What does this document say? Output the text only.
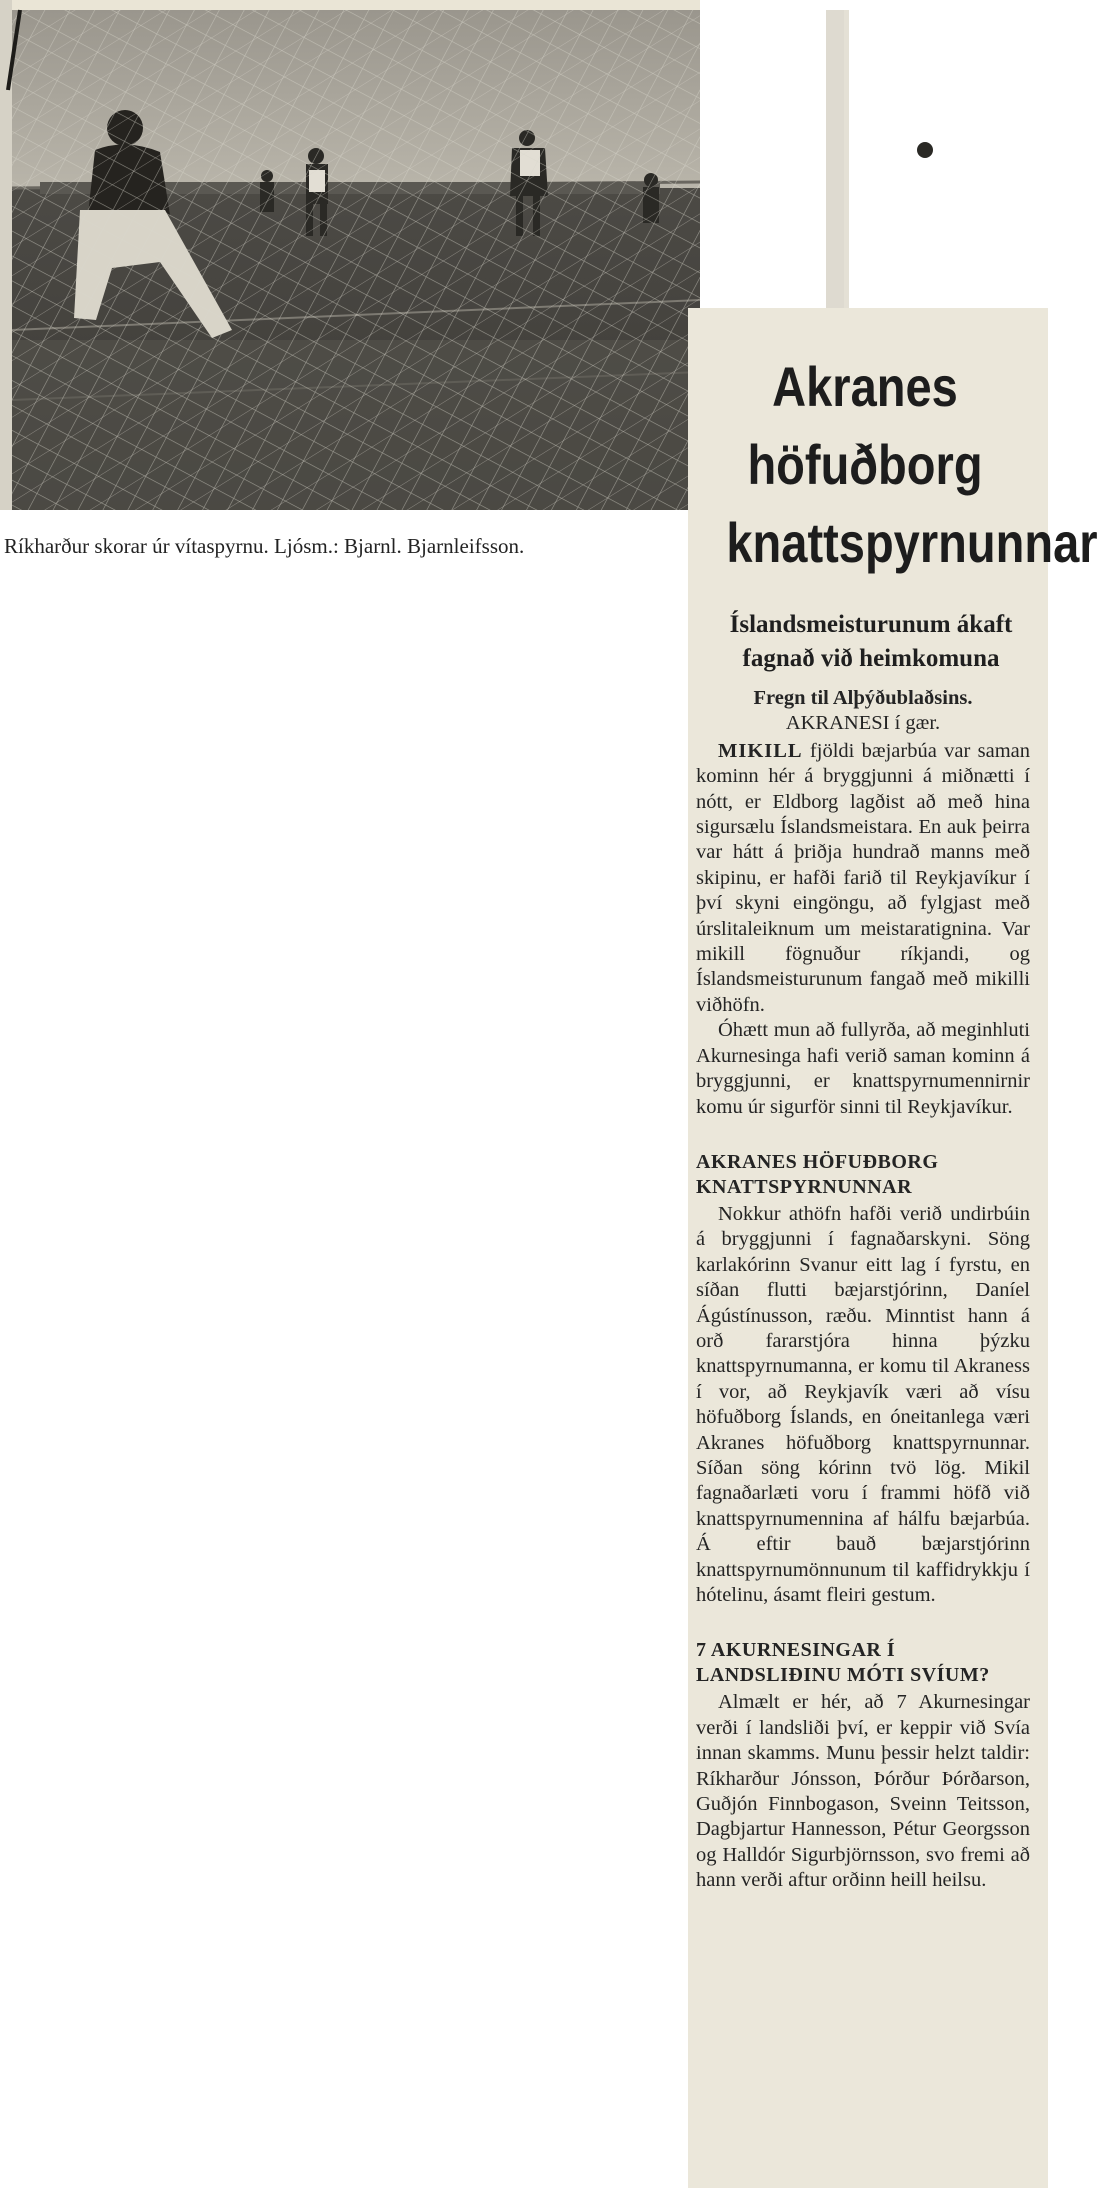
Ríkharður skorar úr vítaspyrnu. Ljósm.: Bjarnl. Bjarnleifsson.
Akranes höfuðborg knattspyrnunnar
Íslandsmeisturunum ákaft fagnað við heimkomuna

Fregn til Alþýðublaðsins.

AKRANESI í gær.

MIKILL fjöldi bæjarbúa var saman kominn hér á bryggjunni á miðnætti í nótt, er Eldborg lagðist að með hina sigursælu Íslandsmeistara. En auk þeirra var hátt á þriðja hundrað manns með skipinu, er hafði farið til Reykjavíkur í því skyni eingöngu, að fylgjast með úrslitaleiknum um meistaratignina. Var mikill fögnuður ríkjandi, og Íslandsmeisturunum fangað með mikilli viðhöfn.

Óhætt mun að fullyrða, að meginhluti Akurnesinga hafi verið saman kominn á bryggjunni, er knattspyrnumennirnir komu úr sigurför sinni til Reykjavíkur.

AKRANES HÖFUÐBORG KNATTSPYRNUNNAR

Nokkur athöfn hafði verið undirbúin á bryggjunni í fagnaðarskyni. Söng karlakórinn Svanur eitt lag í fyrstu, en síðan flutti bæjarstjórinn, Daníel Ágústínusson, ræðu. Minntist hann á orð fararstjóra hinna þýzku knattspyrnumanna, er komu til Akraness í vor, að Reykjavík væri að vísu höfuðborg Íslands, en óneitanlega væri Akranes höfuðborg knattspyrnunnar. Síðan söng kórinn tvö lög. Mikil fagnaðarlæti voru í frammi höfð við knattspyrnumennina af hálfu bæjarbúa. Á eftir bauð bæjarstjórinn knattspyrnumönnunum til kaffidrykkju í hótelinu, ásamt fleiri gestum.

7 AKURNESINGAR Í LANDSLIÐINU MÓTI SVÍUM?

Almælt er hér, að 7 Akurnesingar verði í landsliði því, er keppir við Svía innan skamms. Munu þessir helzt taldir: Ríkharður Jónsson, Þórður Þórðarson, Guðjón Finnbogason, Sveinn Teitsson, Dagbjartur Hannesson, Pétur Georgsson og Halldór Sigurbjörnsson, svo fremi að hann verði aftur orðinn heill heilsu.
